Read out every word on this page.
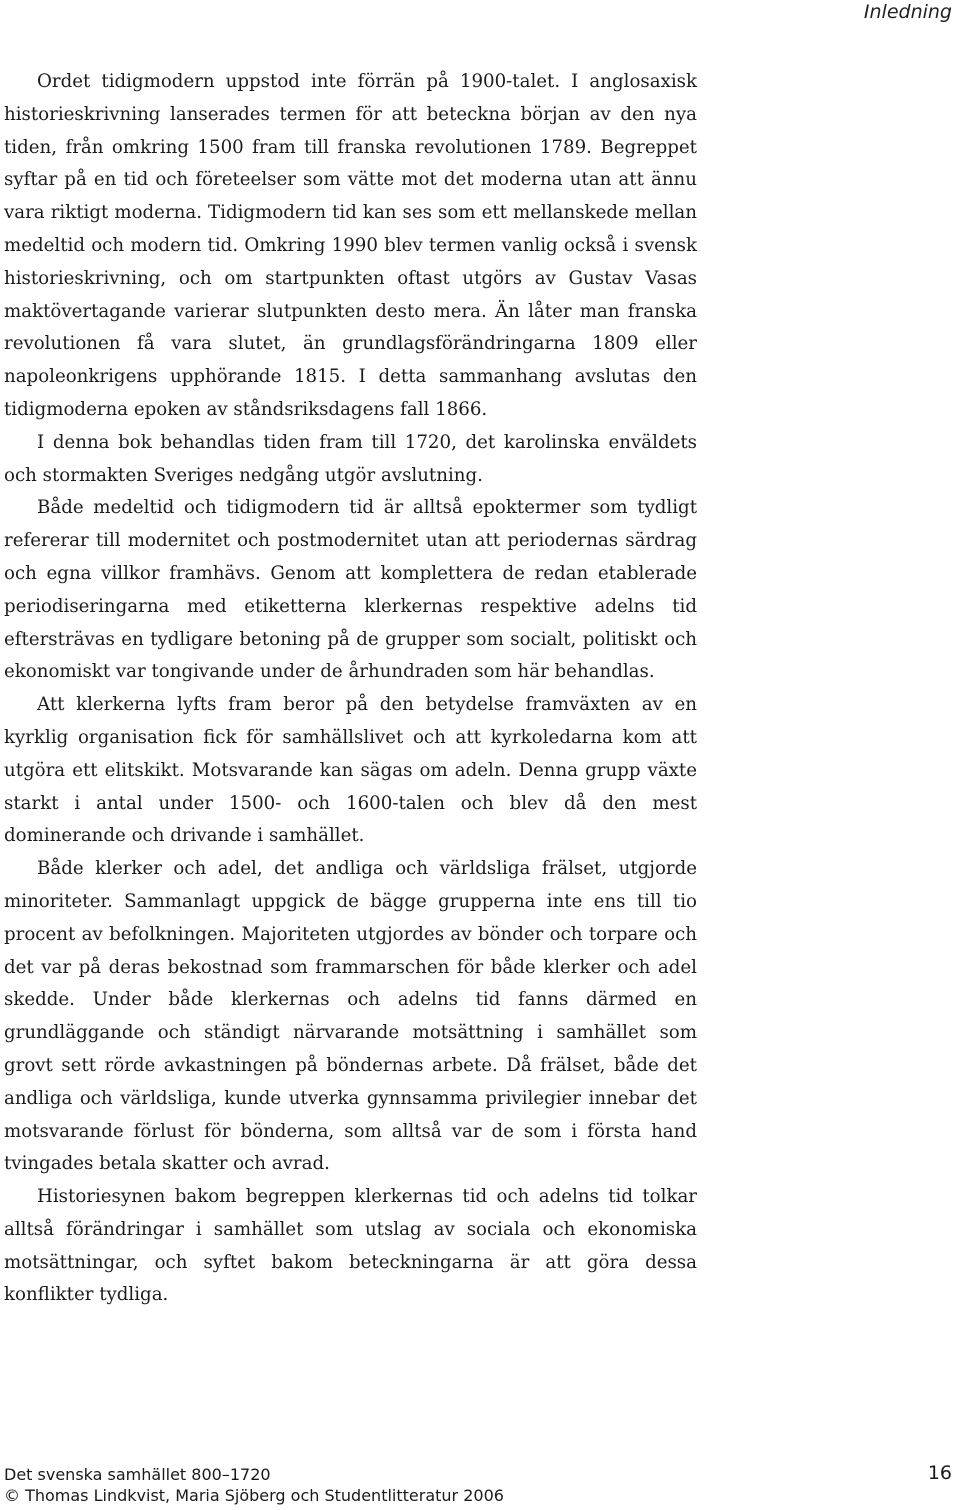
Inledning

Ordet tidigmodern uppstod inte förrän på 1900-talet. I anglosaxisk historieskrivning lanserades termen för att beteckna början av den nya tiden, från omkring 1500 fram till franska revolutionen 1789. Begreppet syftar på en tid och företeelser som vätte mot det moderna utan att ännu vara riktigt moderna. Tidigmodern tid kan ses som ett mellanskede mellan medeltid och modern tid. Omkring 1990 blev termen vanlig också i svensk historieskrivning, och om startpunkten oftast utgörs av Gustav Vasas maktövertagande varierar slutpunkten desto mera. Än låter man franska revolutionen få vara slutet, än grundlagsförändringarna 1809 eller napoleonkrigens upphörande 1815. I detta sammanhang avslutas den tidigmoderna epoken av ståndsriksdagens fall 1866.

I denna bok behandlas tiden fram till 1720, det karolinska enväldets och stormakten Sveriges nedgång utgör avslutning.

Både medeltid och tidigmodern tid är alltså epoktermer som tydligt refererar till modernitet och postmodernitet utan att periodernas särdrag och egna villkor framhävs. Genom att komplettera de redan etablerade periodiseringarna med etiketterna klerkernas respektive adelns tid eftersträvas en tydligare betoning på de grupper som socialt, politiskt och ekonomiskt var tongivande under de århundraden som här behandlas.

Att klerkerna lyfts fram beror på den betydelse framväxten av en kyrklig organisation fick för samhällslivet och att kyrkoledarna kom att utgöra ett elitskikt. Motsvarande kan sägas om adeln. Denna grupp växte starkt i antal under 1500- och 1600-talen och blev då den mest dominerande och drivande i samhället.

Både klerker och adel, det andliga och världsliga frälset, utgjorde minoriteter. Sammanlagt uppgick de bägge grupperna inte ens till tio procent av befolkningen. Majoriteten utgjordes av bönder och torpare och det var på deras bekostnad som frammarschen för både klerker och adel skedde. Under både klerkernas och adelns tid fanns därmed en grundläggande och ständigt närvarande motsättning i samhället som grovt sett rörde avkastningen på böndernas arbete. Då frälset, både det andliga och världsliga, kunde utverka gynnsamma privilegier innebar det motsvarande förlust för bönderna, som alltså var de som i första hand tvingades betala skatter och avrad.

Historiesynen bakom begreppen klerkernas tid och adelns tid tolkar alltså förändringar i samhället som utslag av sociala och ekonomiska motsättningar, och syftet bakom beteckningarna är att göra dessa konflikter tydliga.

Det svenska samhället 800–1720
© Thomas Lindkvist, Maria Sjöberg och Studentlitteratur 2006
16
